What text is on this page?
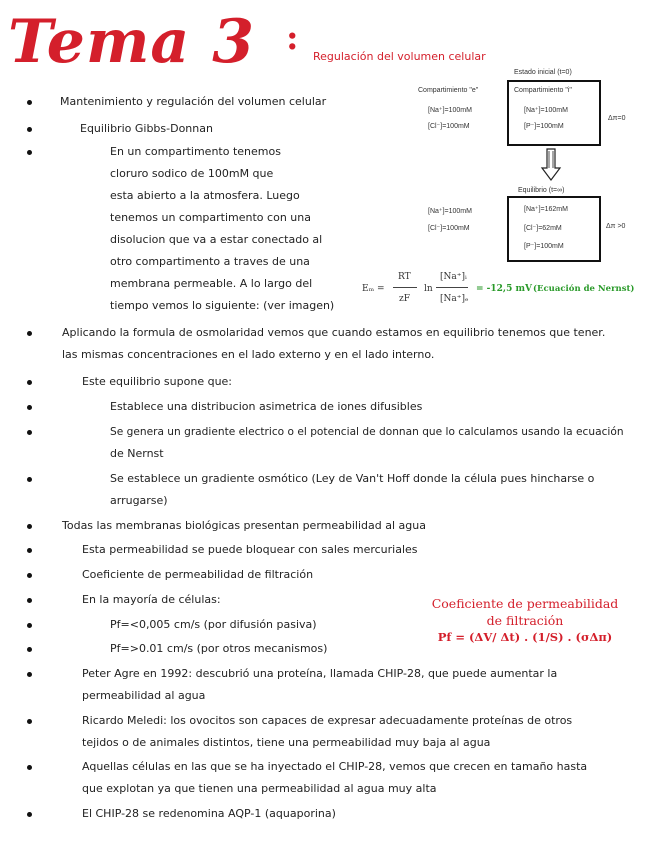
Tema 3 : Regulación del volumen celular
Mantenimiento y regulación del volumen celular
Equilibrio Gibbs-Donnan
En un compartimento tenemos
cloruro sodico de 100mM que
esta abierto a la atmosfera. Luego
tenemos un compartimento con una
disolucion que va a estar conectado al
otro compartimento a traves de una
membrana permeable. A lo largo del
tiempo vemos lo siguiente: (ver imagen)
Aplicando la formula de osmolaridad vemos que cuando estamos en equilibrio tenemos que tener.
las mismas concentraciones en el lado externo y en el lado interno.
Este equilibrio supone que:
Establece una distribucion asimetrica de iones difusibles
Se genera un gradiente electrico o el potencial de donnan que lo calculamos usando la ecuación
de Nernst
Se establece un gradiente osmótico (Ley de Van't Hoff donde la célula pues hincharse o
arrugarse)
Todas las membranas biológicas presentan permeabilidad al agua
Esta permeabilidad se puede bloquear con sales mercuriales
Coeficiente de permeabilidad de filtración
En la mayoría de células:
Pf=<0,005 cm/s (por difusión pasiva)
Pf=>0.01 cm/s (por otros mecanismos)
Peter Agre en 1992: descubrió una proteína, llamada CHIP-28, que puede aumentar la
permeabilidad al agua
Ricardo Meledi: los ovocitos son capaces de expresar adecuadamente proteínas de otros
tejidos o de animales distintos, tiene una permeabilidad muy baja al agua
Aquellas células en las que se ha inyectado el CHIP-28, vemos que crecen en tamaño hasta
que explotan ya que tienen una permeabilidad al agua muy alta
El CHIP-28 se redenomina AQP-1 (aquaporina)
Estado inicial (t=0)
Compartimiento "e"	Compartimiento "i"
[Na⁺]=100mM
[Cl⁻]=100mM
[Na⁺]=100mM
[P⁻]=100mM
Δπ=0
Equilibrio (t=∞)
[Na⁺]=100mM
[Cl⁻]=100mM
[Na⁺]=162mM
[Cl⁻]=62mM
[P⁻]=100mM
Δπ >0
Eₘ =
RT
zF
ln
[Na⁺]ᵢ
[Na⁺]ₑ
= -12,5 mV (Ecuación de Nernst)
Coeficiente de permeabilidad
de filtración
Pf = (ΔV/ Δt) . (1/S) . (σΔπ)
